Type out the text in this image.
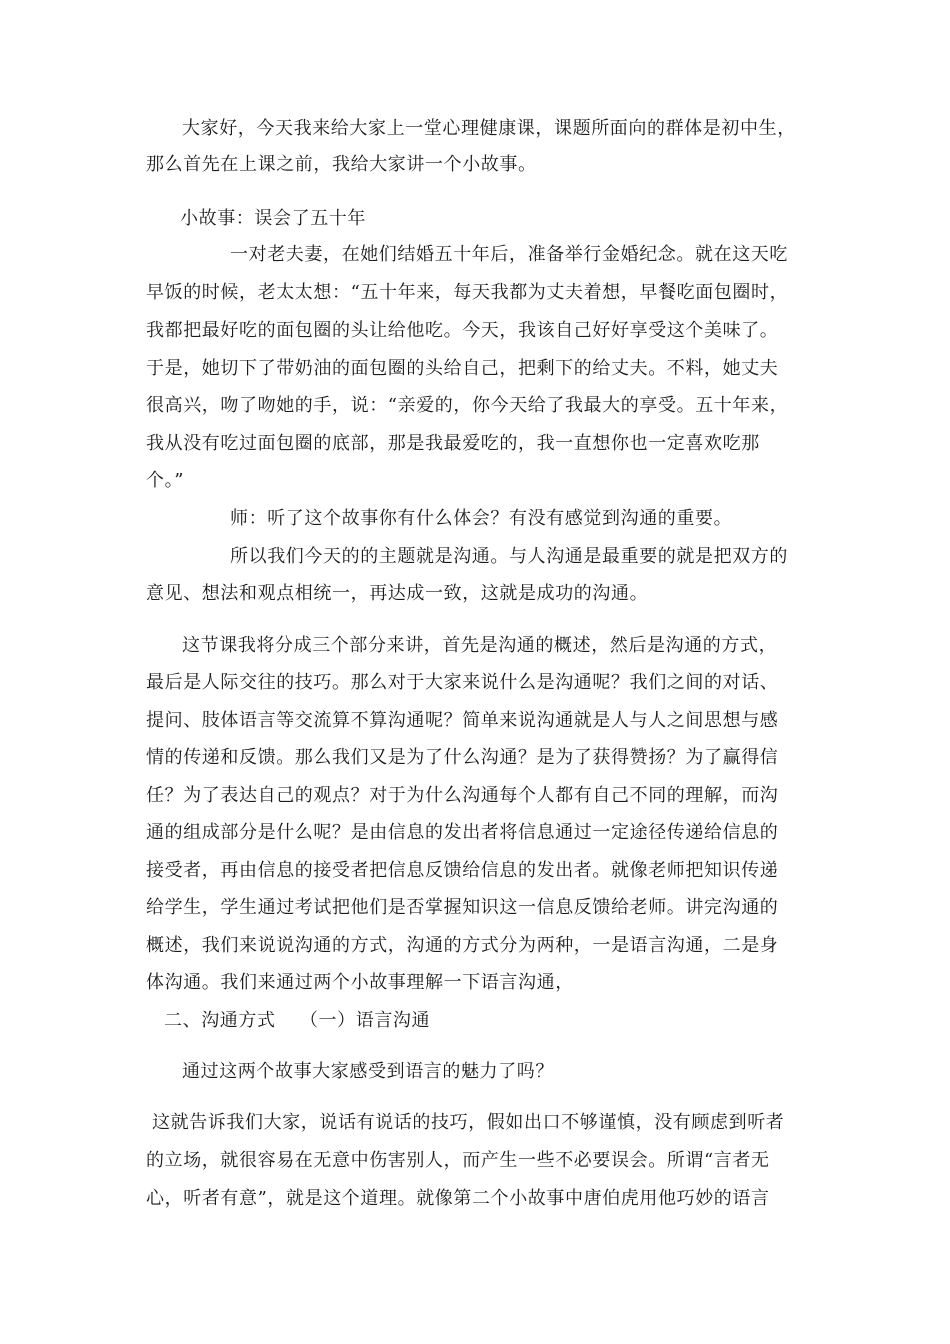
大家好，今天我来给大家上一堂心理健康课，课题所面向的群体是初中生，
那么首先在上课之前，我给大家讲一个小故事。
小故事：误会了五十年
一对老夫妻，在她们结婚五十年后，准备举行金婚纪念。就在这天吃
早饭的时候，老太太想：“五十年来，每天我都为丈夫着想，早餐吃面包圈时，
我都把最好吃的面包圈的头让给他吃。今天，我该自己好好享受这个美味了。
于是，她切下了带奶油的面包圈的头给自己，把剩下的给丈夫。不料，她丈夫
很高兴，吻了吻她的手，说：“亲爱的，你今天给了我最大的享受。五十年来，
我从没有吃过面包圈的底部，那是我最爱吃的，我一直想你也一定喜欢吃那
个。”
师：听了这个故事你有什么体会？有没有感觉到沟通的重要。
所以我们今天的的主题就是沟通。与人沟通是最重要的就是把双方的
意见、想法和观点相统一，再达成一致，这就是成功的沟通。
这节课我将分成三个部分来讲，首先是沟通的概述，然后是沟通的方式，
最后是人际交往的技巧。那么对于大家来说什么是沟通呢？我们之间的对话、
提问、肢体语言等交流算不算沟通呢？简单来说沟通就是人与人之间思想与感
情的传递和反馈。那么我们又是为了什么沟通？是为了获得赞扬？为了赢得信
任？为了表达自己的观点？对于为什么沟通每个人都有自己不同的理解，而沟
通的组成部分是什么呢？是由信息的发出者将信息通过一定途径传递给信息的
接受者，再由信息的接受者把信息反馈给信息的发出者。就像老师把知识传递
给学生，学生通过考试把他们是否掌握知识这一信息反馈给老师。讲完沟通的
概述，我们来说说沟通的方式，沟通的方式分为两种，一是语言沟通，二是身
体沟通。我们来通过两个小故事理解一下语言沟通，
二、沟通方式 （一）语言沟通
通过这两个故事大家感受到语言的魅力了吗？
这就告诉我们大家，说话有说话的技巧，假如出口不够谨慎，没有顾虑到听者
的立场，就很容易在无意中伤害别人，而产生一些不必要误会。所谓“言者无
心，听者有意”，就是这个道理。就像第二个小故事中唐伯虎用他巧妙的语言
